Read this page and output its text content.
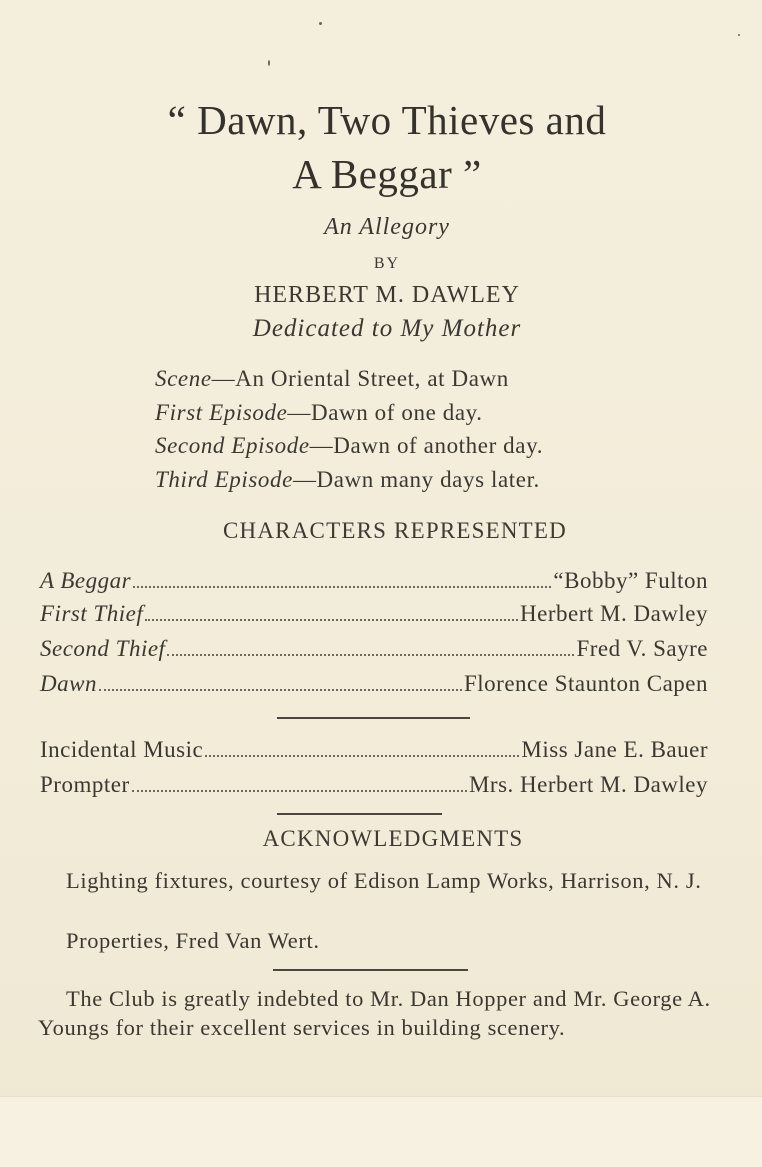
“ Dawn, Two Thieves and
A Beggar ”
An Allegory
BY
HERBERT M. DAWLEY
Dedicated to My Mother
Scene—An Oriental Street, at Dawn
First Episode—Dawn of one day.
Second Episode—Dawn of another day.
Third Episode—Dawn many days later.
CHARACTERS REPRESENTED
A Beggar	“Bobby” Fulton
First Thief	Herbert M. Dawley
Second Thief	Fred V. Sayre
Dawn	Florence Staunton Capen
Incidental Music	Miss Jane E. Bauer
Prompter	Mrs. Herbert M. Dawley
ACKNOWLEDGMENTS
Lighting fixtures, courtesy of Edison Lamp Works, Harrison, N. J.
Properties, Fred Van Wert.
The Club is greatly indebted to Mr. Dan Hopper and Mr. George A. Youngs for their excellent services in building scenery.
